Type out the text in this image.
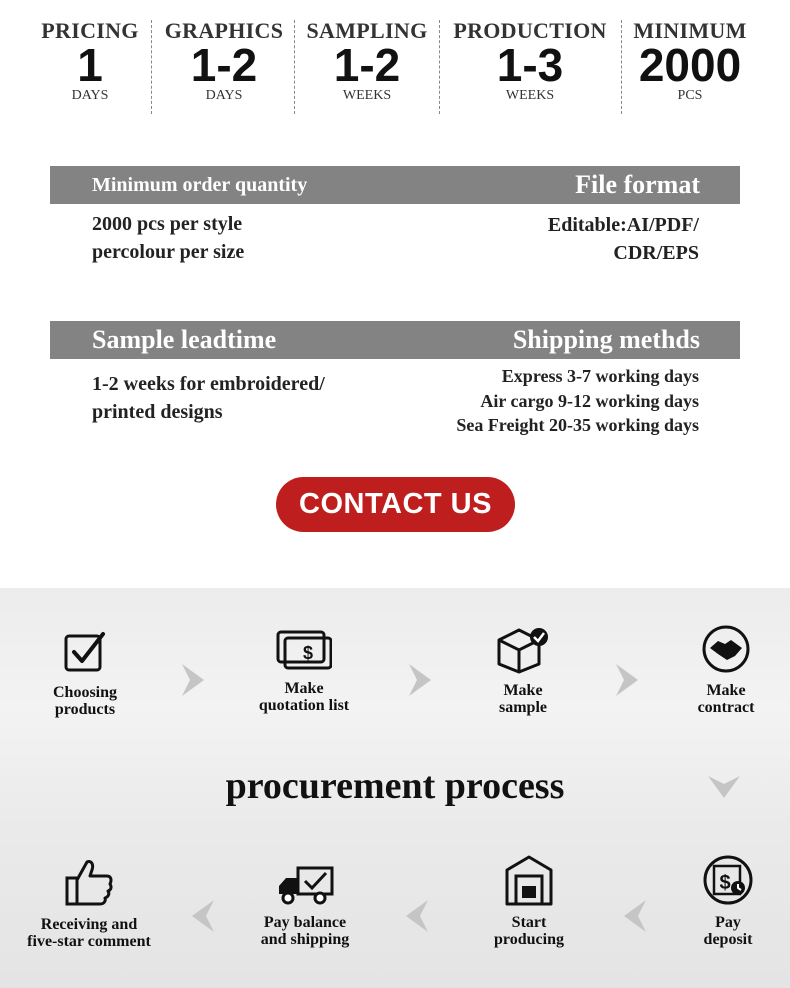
PRICING
1
DAYS
GRAPHICS
1-2
DAYS
SAMPLING
1-2
WEEKS
PRODUCTION
1-3
WEEKS
MINIMUM
2000
PCS
Minimum order quantity	File format
2000 pcs per style
percolour per size
Editable:AI/PDF/
CDR/EPS
Sample leadtime	Shipping methds
1-2 weeks for embroidered/
printed designs
Express 3-7 working days
Air cargo 9-12 working days
Sea Freight 20-35 working days
CONTACT US
Choosing
products
$
Make
quotation list
Make
sample
Make
contract
procurement process
Receiving and
five-star comment
Pay balance
and shipping
Start
producing
$
Pay
deposit
